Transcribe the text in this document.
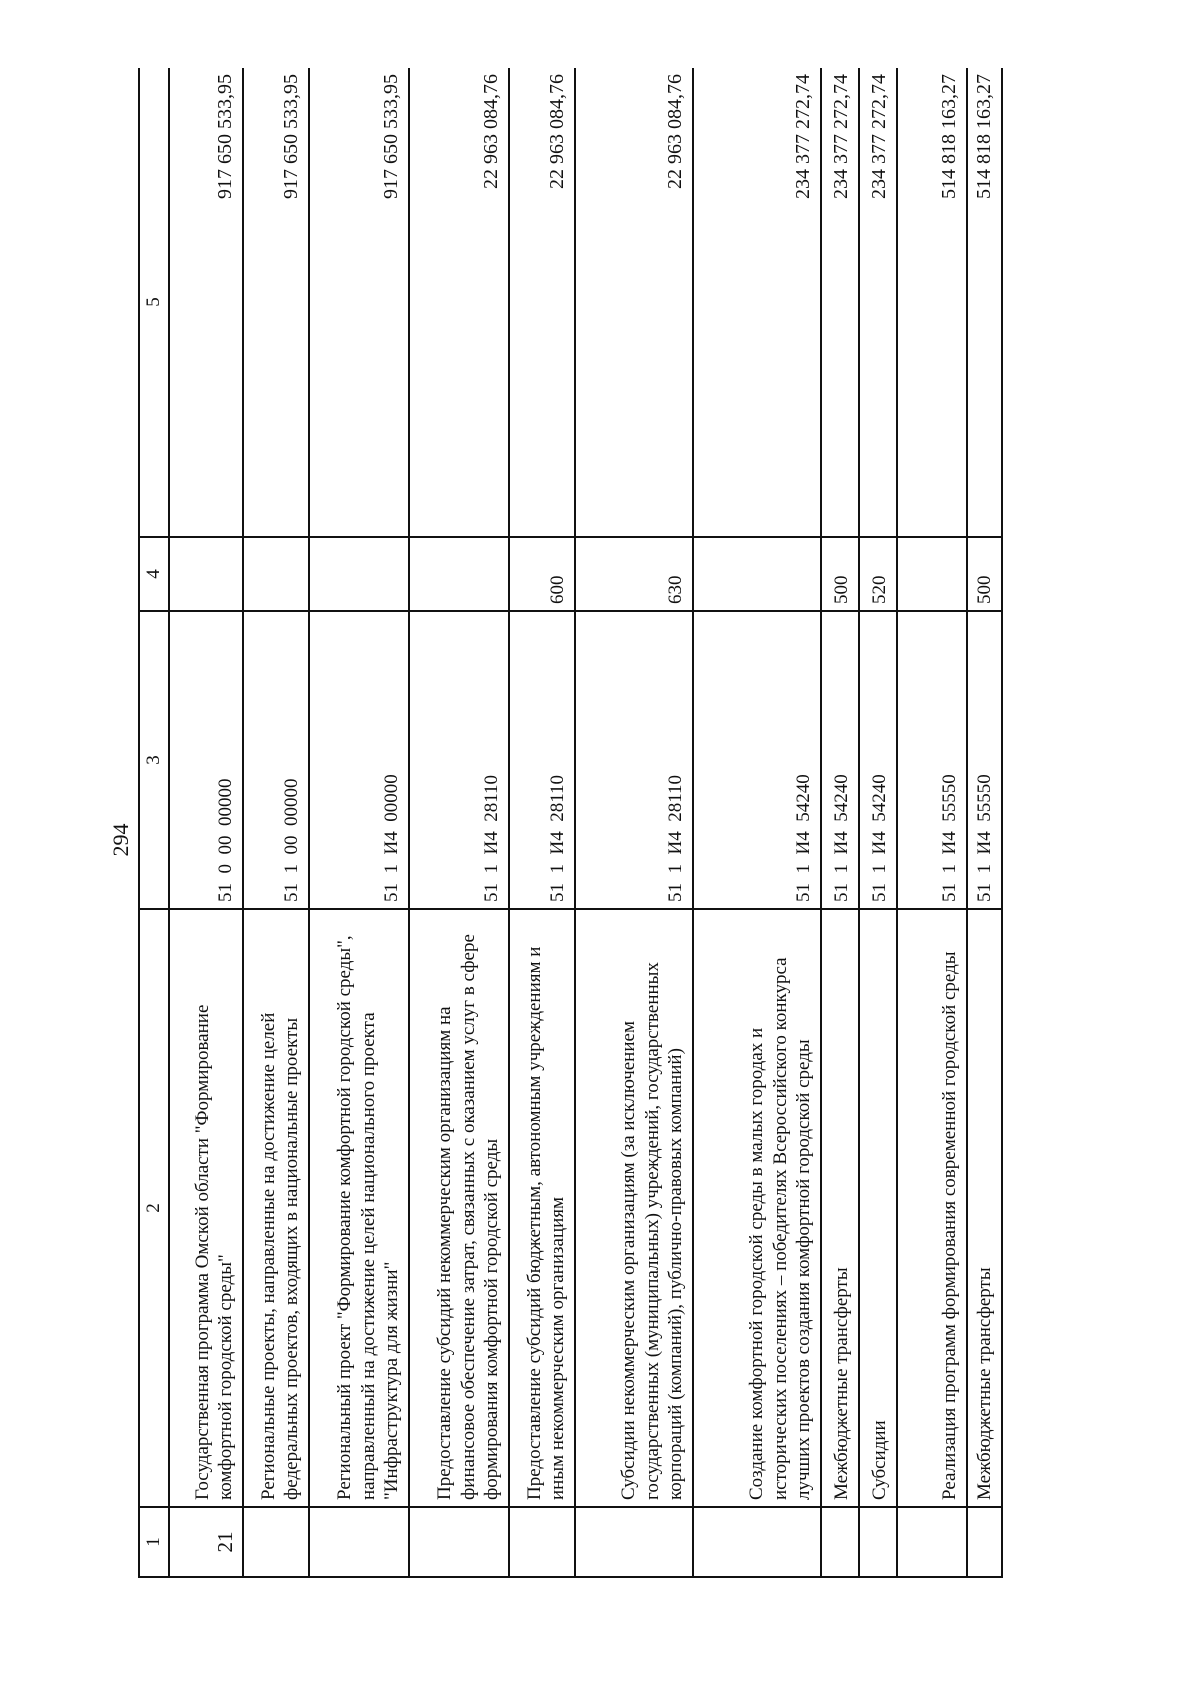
294
1	2	3	4	5
21	Государственная программа Омской области "Формирование комфортной городской среды"	51  0  00  00000		917 650 533,95
	Региональные проекты, направленные на достижение целей федеральных проектов, входящих в национальные проекты	51  1  00  00000		917 650 533,95
	Региональный проект "Формирование комфортной городской среды", направленный на достижение целей национального проекта "Инфраструктура для жизни"	51  1  И4  00000		917 650 533,95
	Предоставление субсидий некоммерческим организациям на финансовое обеспечение затрат, связанных с оказанием услуг в сфере формирования комфортной городской среды	51  1  И4  28110		22 963 084,76
	Предоставление субсидий бюджетным, автономным учреждениям и иным некоммерческим организациям	51  1  И4  28110	600	22 963 084,76
	Субсидии некоммерческим организациям (за исключением государственных (муниципальных) учреждений, государственных корпораций (компаний), публично-правовых компаний)	51  1  И4  28110	630	22 963 084,76
	Создание комфортной городской среды в малых городах и исторических поселениях – победителях Всероссийского конкурса лучших проектов создания комфортной городской среды	51  1  И4  54240		234 377 272,74
	Межбюджетные трансферты	51  1  И4  54240	500	234 377 272,74
	Субсидии	51  1  И4  54240	520	234 377 272,74
	Реализация программ формирования современной городской среды	51  1  И4  55550		514 818 163,27
	Межбюджетные трансферты	51  1  И4  55550	500	514 818 163,27
